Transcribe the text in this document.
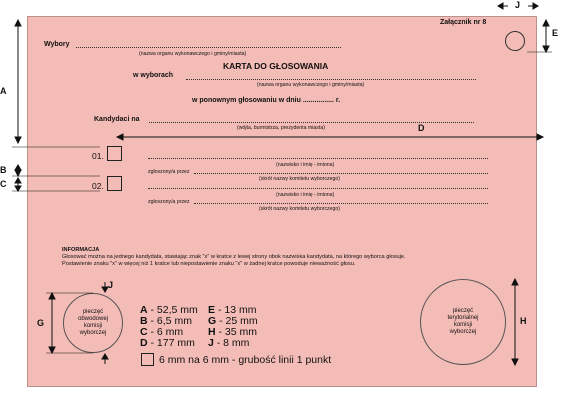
Załącznik nr 8
Wybory
(nazwa organu wykonawczego i gminy/miasta)
KARTA DO GŁOSOWANIA
w wyborach
(nazwa organu wykonawczego i gminy/miasta)
w ponownym głosowaniu w dniu ................ r.
Kandydaci na
(wójta, burmistrza, prezydenta miasta)
01.
(nazwisko i imię - imiona)
zgłoszony/a przez
(skrót nazwy komitetu wyborczego)
02.
(nazwisko i imię - imiona)
zgłoszony/a przez
(skrót nazwy komitetu wyborczego)
INFORMACJA
Głosować można na jednego kandydata, stawiając znak "x" w kratce z lewej strony obok nazwiska kandydata, na którego wyborca głosuje.
Postawienie znaku "x" w więcej niż 1 kratce lub niepostawienie znaku "x" w żadnej kratce powoduje nieważność głosu.
pieczęć
obwodowej
komisji
wyborczej
pieczęć
terytorialnej
komisji
wyborczej
A - 52,5 mm
B - 6,5 mm
C - 6 mm
D - 177 mm
E - 13 mm
G - 25 mm
H - 35 mm
J - 8 mm
6 mm na 6 mm - grubość linii 1 punkt
A
B
C
D
E
J
G	H
J
